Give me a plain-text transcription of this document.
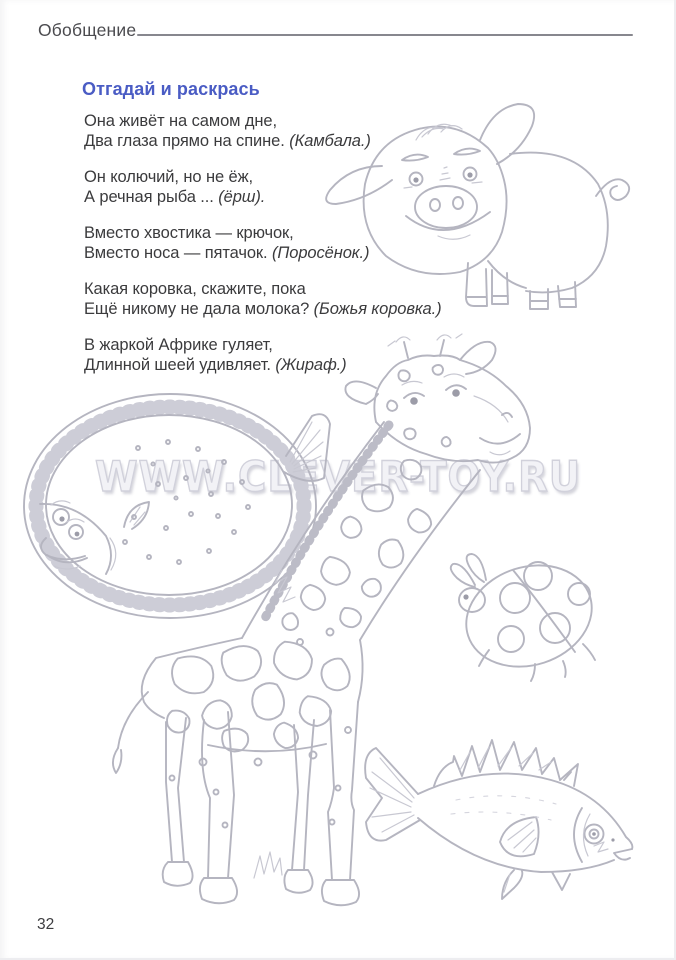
Обобщение
Отгадай и раскрась

Она живёт на самом дне,
Два глаза прямо на спине. (Камбала.)

Он колючий, но не ёж,
А речная рыба ... (ёрш).

Вместо хвостика — крючок,
Вместо носа — пятачок. (Поросёнок.)

Какая коровка, скажите, пока
Ещё никому не дала молока? (Божья коровка.)

В жаркой Африке гуляет,
Длинной шеей удивляет. (Жираф.)

WWW.CLEVER-TOY.RU
32
